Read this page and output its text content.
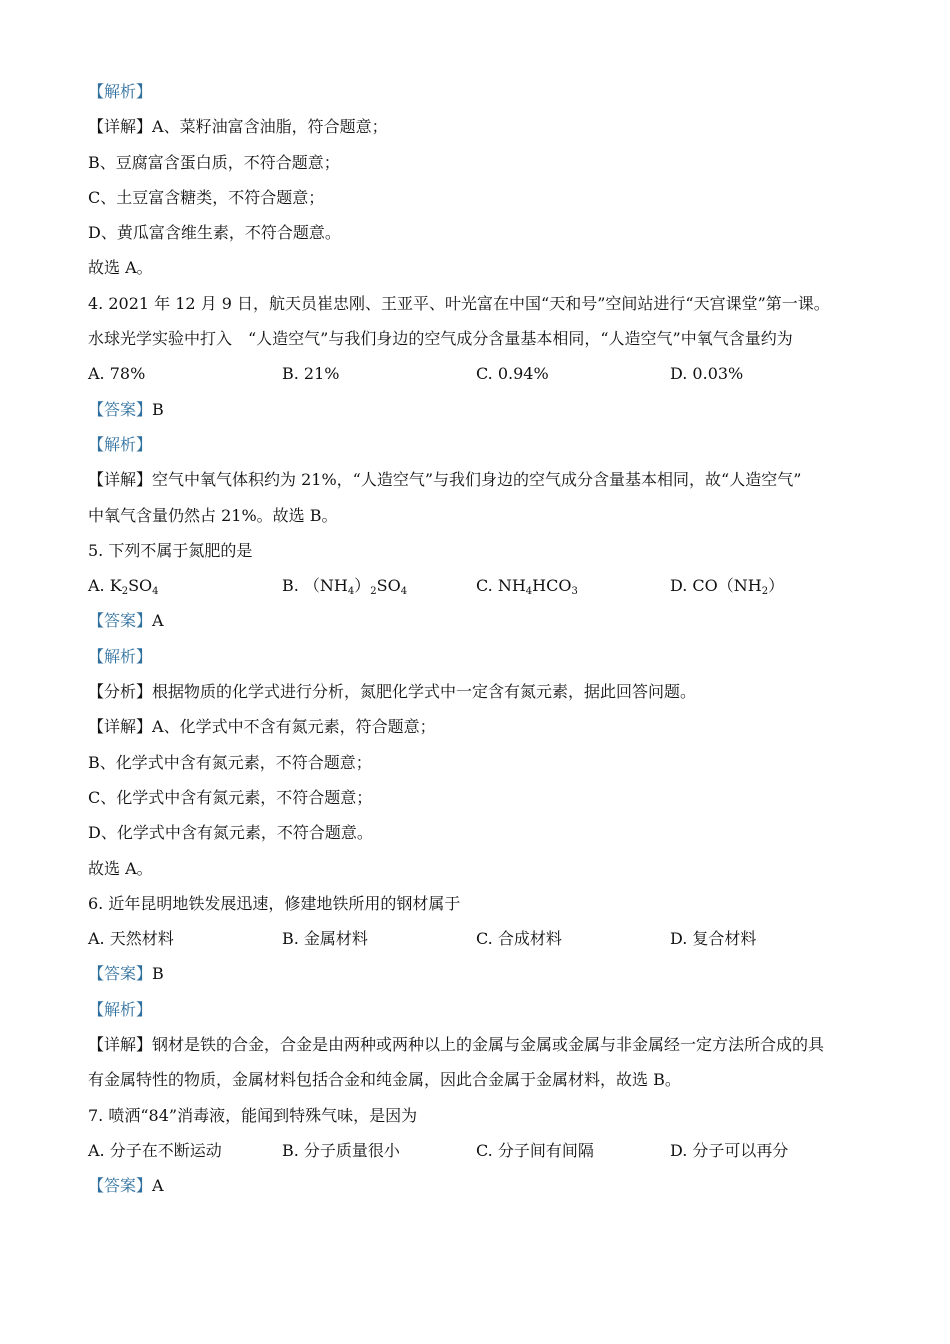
【解析】
【详解】A、菜籽油富含油脂，符合题意；
B、豆腐富含蛋白质，不符合题意；
C、土豆富含糖类，不符合题意；
D、黄瓜富含维生素，不符合题意。
故选 A。
4. 2021 年 12 月 9 日，航天员崔忠刚、王亚平、叶光富在中国“天和号”空间站进行“天宫课堂”第一课。
水球光学实验中打入　“人造空气”与我们身边的空气成分含量基本相同，“人造空气”中氧气含量约为
A. 78%	B. 21%	C. 0.94%	D. 0.03%
【答案】B
【解析】
【详解】空气中氧气体积约为 21%，“人造空气”与我们身边的空气成分含量基本相同，故“人造空气”
中氧气含量仍然占 21%。故选 B。
5. 下列不属于氮肥的是
A. $K_2SO_4$	B. $(NH_4)_2SO_4$	C. $NH_4HCO_3$	D. $CO(NH_2)$
【答案】A
【解析】
【分析】根据物质的化学式进行分析，氮肥化学式中一定含有氮元素，据此回答问题。
【详解】A、化学式中不含有氮元素，符合题意；
B、化学式中含有氮元素，不符合题意；
C、化学式中含有氮元素，不符合题意；
D、化学式中含有氮元素，不符合题意。
故选 A。
6. 近年昆明地铁发展迅速，修建地铁所用的钢材属于
A. 天然材料	B. 金属材料	C. 合成材料	D. 复合材料
【答案】B
【解析】
【详解】钢材是铁的合金，合金是由两种或两种以上的金属与金属或金属与非金属经一定方法所合成的具
有金属特性的物质，金属材料包括合金和纯金属，因此合金属于金属材料，故选 B。
7. 喷洒“84”消毒液，能闻到特殊气味，是因为
A. 分子在不断运动	B. 分子质量很小	C. 分子间有间隔	D. 分子可以再分
【答案】A
